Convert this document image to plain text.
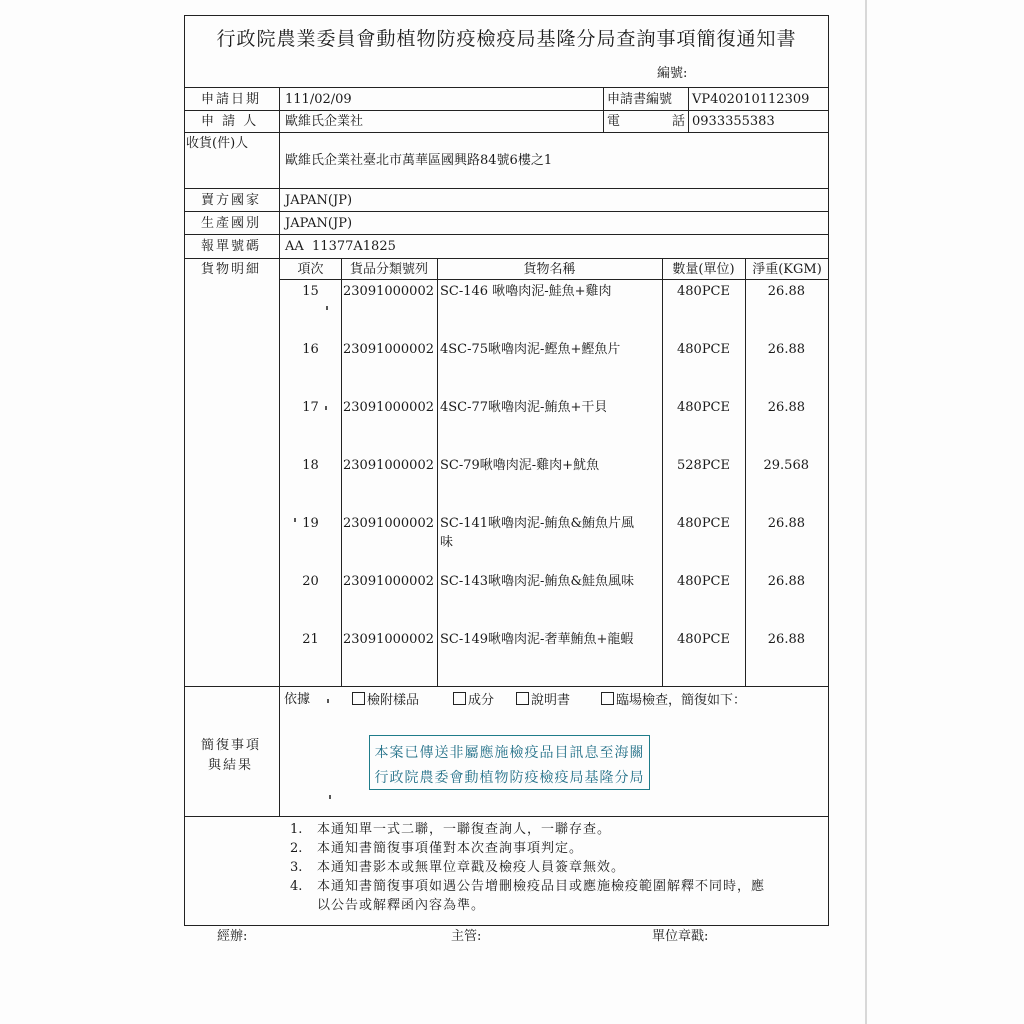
行政院農業委員會動植物防疫檢疫局基隆分局查詢事項簡復通知書
編號:
申請日期 111/02/09	申請書編號 VP402010112309
申 請 人 歐維氏企業社	電	話 0933355383
收貨(件)人
歐維氏企業社臺北市萬華區國興路84號6樓之1
賣方國家 JAPAN(JP)
生產國別 JAPAN(JP)
報單號碼 AA  11377A1825
貨物明細	項次	貨品分類號列	貨物名稱	數量(單位)	淨重(KGM)
15	23091000002 SC-146 啾嚕肉泥-鮭魚+雞肉	480PCE	26.88
16	23091000002 4SC-75啾嚕肉泥-鰹魚+鰹魚片	480PCE	26.88
17	23091000002 4SC-77啾嚕肉泥-鮪魚+干貝	480PCE	26.88
18	23091000002 SC-79啾嚕肉泥-雞肉+魷魚	528PCE	29.568
19	23091000002 SC-141啾嚕肉泥-鮪魚&鮪魚片風
味
480PCE	26.88
20	23091000002 SC-143啾嚕肉泥-鮪魚&鮭魚風味	480PCE	26.88
21	23091000002 SC-149啾嚕肉泥-奢華鮪魚+龍蝦	480PCE	26.88
簡復事項
與結果
依據	檢附樣品	成分	說明書	臨場檢查，簡復如下：
本案已傳送非屬應施檢疫品目訊息至海關
行政院農委會動植物防疫檢疫局基隆分局
1. 本通知單一式二聯，一聯復查詢人，一聯存查。
2. 本通知書簡復事項僅對本次查詢事項判定。
3. 本通知書影本或無單位章戳及檢疫人員簽章無效。
4. 本通知書簡復事項如遇公告增刪檢疫品目或應施檢疫範圍解釋不同時，應
以公告或解釋函內容為準。
經辦:	主管:	單位章戳:
